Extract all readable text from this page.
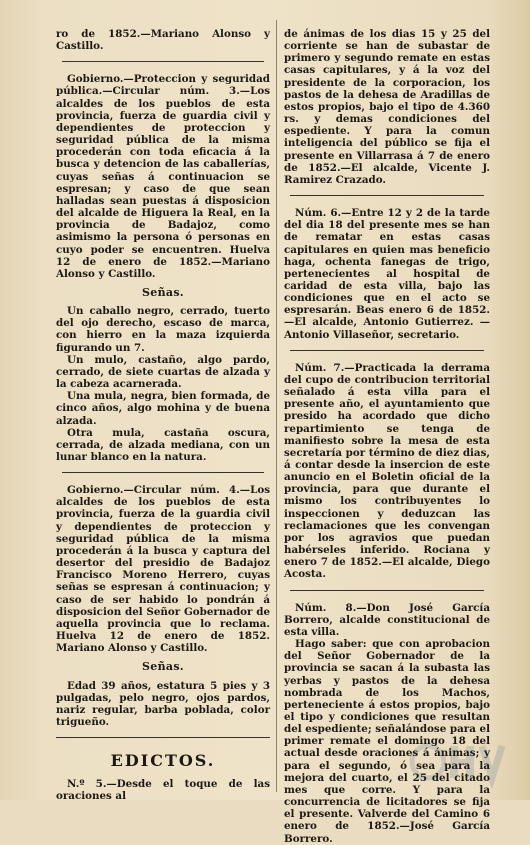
ro de 1852.—Mariano Alonso y Castillo.

Gobierno.—Proteccion y seguridad pública.—Circular núm. 3.—Los alcaldes de los pueblos de esta provincia, fuerza de guardia civil y dependientes de proteccion y seguridad pública de la misma procederán con toda eficacia á la busca y detencion de las caballerías, cuyas señas á continuacion se espresan; y caso de que sean halladas sean puestas á disposicion del alcalde de Higuera la Real, en la provincia de Badajoz, como asimismo la persona ó personas en cuyo poder se encuentren. Huelva 12 de enero de 1852.—Mariano Alonso y Castillo.

Señas.

Un caballo negro, cerrado, tuerto del ojo derecho, escaso de marca, con hierro en la maza izquierda figurando un 7.

Un mulo, castaño, algo pardo, cerrado, de siete cuartas de alzada y la cabeza acarnerada.

Una mula, negra, bien formada, de cinco años, algo mohina y de buena alzada.

Otra mula, castaña oscura, cerrada, de alzada mediana, con un lunar blanco en la natura.

Gobierno.—Circular núm. 4.—Los alcaldes de los pueblos de esta provincia, fuerza de la guardia civil y dependientes de proteccion y seguridad pública de la misma procederán á la busca y captura del desertor del presidio de Badajoz Francisco Moreno Herrero, cuyas señas se espresan á continuacion; y caso de ser habido lo pondrán á disposicion del Señor Gobernador de aquella provincia que lo reclama. Huelva 12 de enero de 1852. Mariano Alonso y Castillo.

Señas.

Edad 39 años, estatura 5 pies y 3 pulgadas, pelo negro, ojos pardos, nariz regular, barba poblada, color trigueño.

EDICTOS.

N.º 5.—Desde el toque de las oraciones al

de ánimas de los dias 15 y 25 del corriente se han de subastar de primero y segundo remate en estas casas capitulares, y á la voz del presidente de la corporacion, los pastos de la dehesa de Aradillas de estos propios, bajo el tipo de 4.360 rs. y demas condiciones del espediente. Y para la comun inteligencia del público se fija el presente en Villarrasa á 7 de enero de 1852.—El alcalde, Vicente J. Ramirez Crazado.

Núm. 6.—Entre 12 y 2 de la tarde del dia 18 del presente mes se han de rematar en estas casas capitulares en quien mas beneficio haga, ochenta fanegas de trigo, pertenecientes al hospital de caridad de esta villa, bajo las condiciones que en el acto se espresarán. Beas enero 6 de 1852.—El alcalde, Antonio Gutierrez. —Antonio Villaseñor, secretario.

Núm. 7.—Practicada la derrama del cupo de contribucion territorial señalado á esta villa para el presente año, el ayuntamiento que presido ha acordado que dicho repartimiento se tenga de manifiesto sobre la mesa de esta secretaría por término de diez dias, á contar desde la insercion de este anuncio en el Boletin oficial de la provincia, para que durante el mismo los contribuyentes lo inspeccionen y deduzcan las reclamaciones que les convengan por los agravios que puedan habérseles inferido. Rociana y enero 7 de 1852.—El alcalde, Diego Acosta.

Núm. 8.—Don José García Borrero, alcalde constitucional de esta villa.

Hago saber: que con aprobacion del Señor Gobernador de la provincia se sacan á la subasta las yerbas y pastos de la dehesa nombrada de los Machos, perteneciente á estos propios, bajo el tipo y condiciones que resultan del espediente; señalándose para el primer remate el domingo 18 del actual desde oraciones á ánimas; y para el segundo, ó sea para la mejora del cuarto, el 25 del citado mes que corre. Y para la concurrencia de licitadores se fija el presente. Valverde del Camino 6 enero de 1852.—José García Borrero.
